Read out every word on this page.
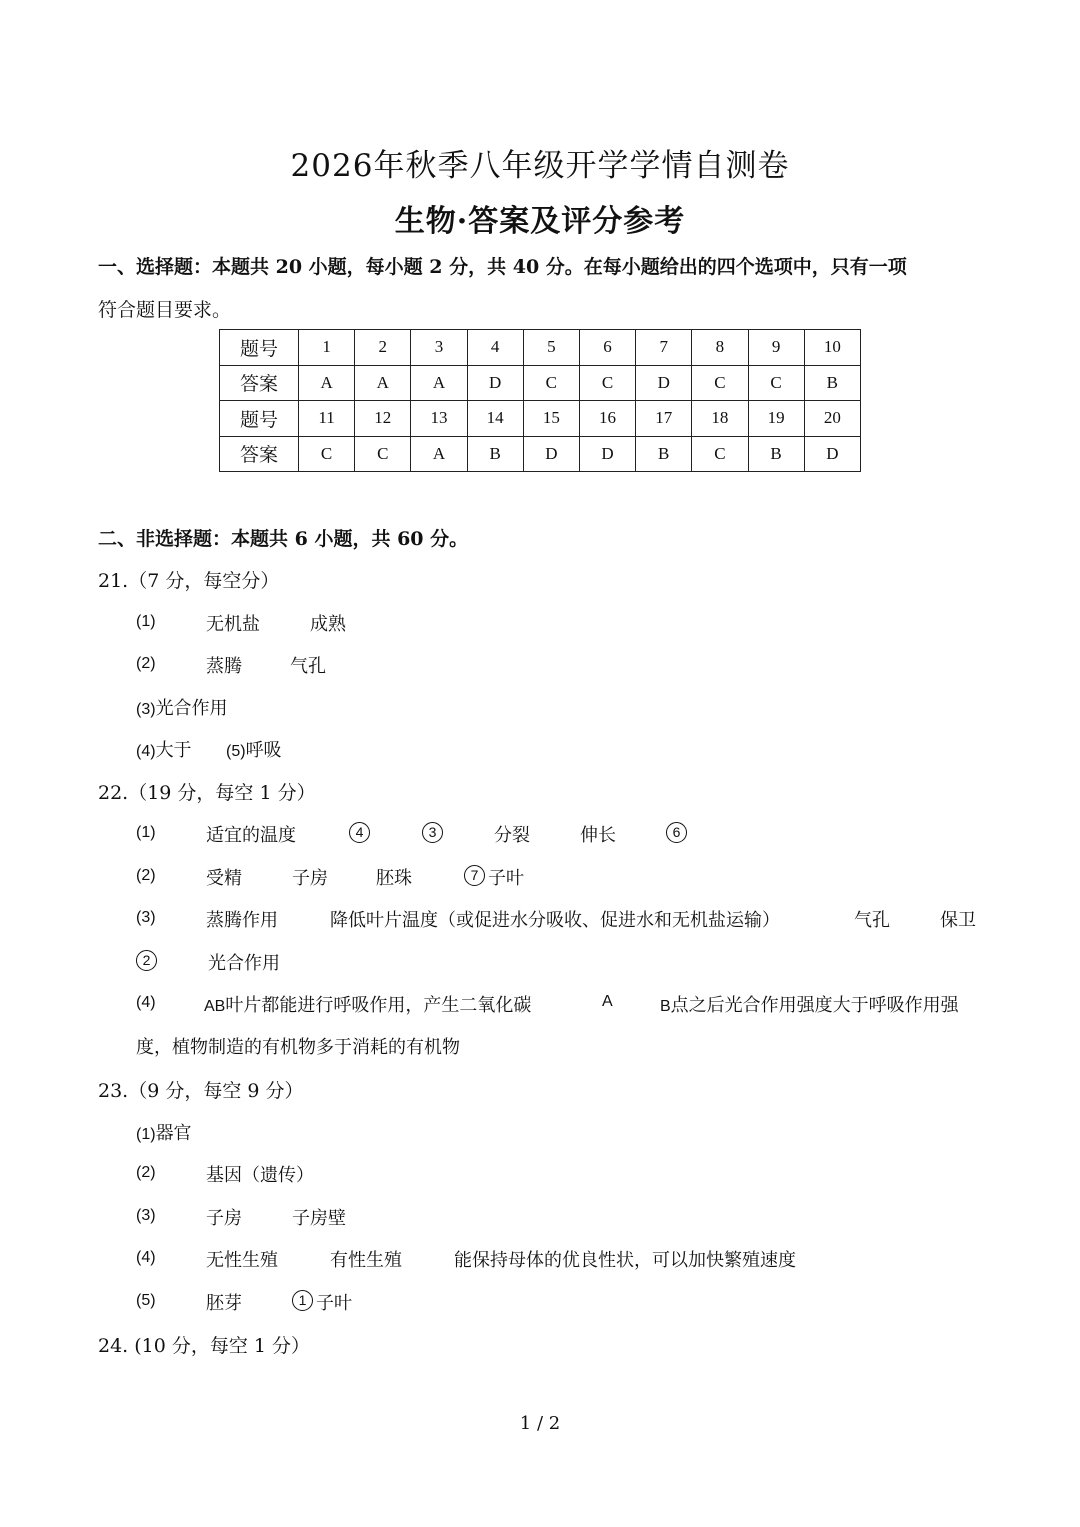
2026年秋季八年级开学学情自测卷
生物·答案及评分参考
一、选择题：本题共 20 小题，每小题 2 分，共 40 分。在每小题给出的四个选项中，只有一项
符合题目要求。
题号	1	2	3	4	5	6	7	8	9	10
答案	A	A	A	D	C	C	D	C	C	B
题号	11	12	13	14	15	16	17	18	19	20
答案	C	C	A	B	D	D	B	C	B	D
二、非选择题：本题共 6 小题，共 60 分。
21.（7 分，每空分）
(1)	无机盐	成熟
(2)	蒸腾	气孔
(3)光合作用
(4)大于 (5)呼吸
22.（19 分，每空 1 分）
(1)	适宜的温度	4	3	分裂	伸长	6
(2)	受精	子房	胚珠	7 子叶
(3)	蒸腾作用	降低叶片温度（或促进水分吸收、促进水和无机盐运输）	气孔	保卫
2	光合作用
(4)	AB叶片都能进行呼吸作用，产生二氧化碳	A	B点之后光合作用强度大于呼吸作用强
度，植物制造的有机物多于消耗的有机物
23.（9 分，每空 9 分）
(1)器官
(2)	基因（遗传）
(3)	子房	子房壁
(4)	无性生殖	有性生殖	能保持母体的优良性状，可以加快繁殖速度
(5)	胚芽	1 子叶
24. (10 分，每空 1 分）
1 / 2
